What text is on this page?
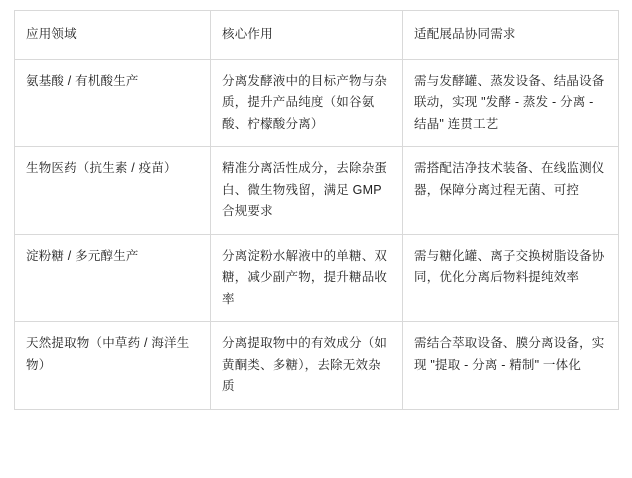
应用领域	核心作用	适配展品协同需求
氨基酸 / 有机酸生产	分离发酵液中的目标产物与杂质，提升产品纯度（如谷氨酸、柠檬酸分离）	需与发酵罐、蒸发设备、结晶设备联动，实现 "发酵 - 蒸发 - 分离 - 结晶" 连贯工艺
生物医药（抗生素 / 疫苗）	精准分离活性成分，去除杂蛋白、微生物残留，满足 GMP 合规要求	需搭配洁净技术装备、在线监测仪器，保障分离过程无菌、可控
淀粉糖 / 多元醇生产	分离淀粉水解液中的单糖、双糖，减少副产物，提升糖品收率	需与糖化罐、离子交换树脂设备协同，优化分离后物料提纯效率
天然提取物（中草药 / 海洋生物）	分离提取物中的有效成分（如黄酮类、多糖），去除无效杂质	需结合萃取设备、膜分离设备，实现 "提取 - 分离 - 精制" 一体化
